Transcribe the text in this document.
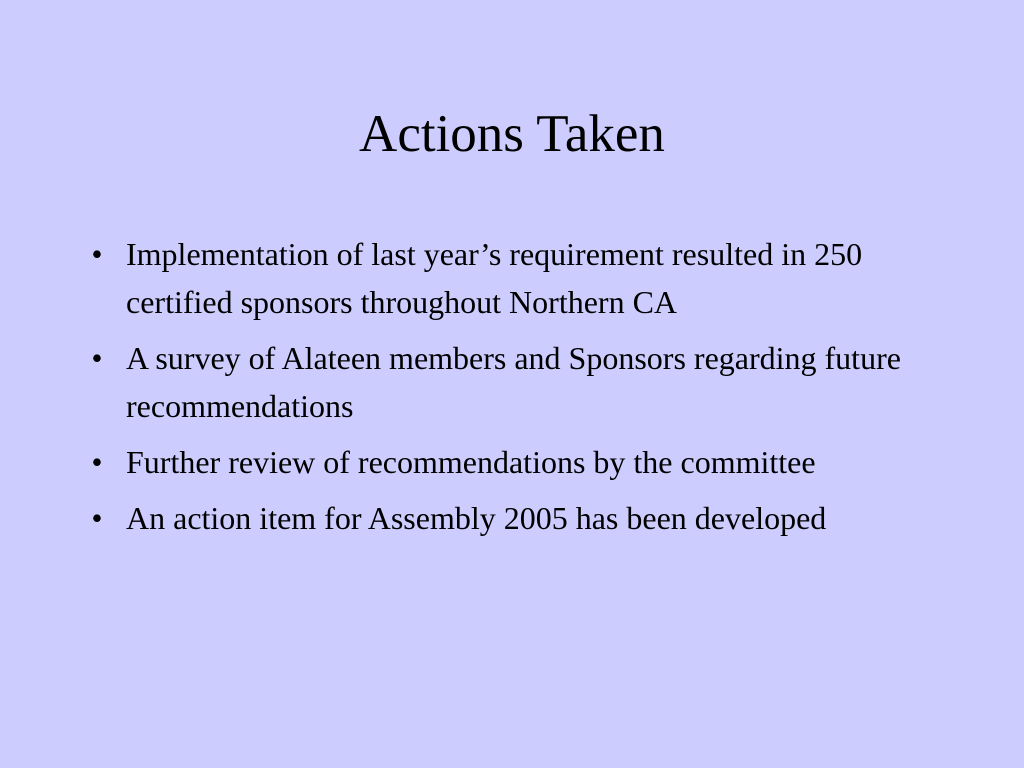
Actions Taken
• Implementation of last year’s requirement resulted in 250 certified sponsors throughout Northern CA
• A survey of Alateen members and Sponsors regarding future recommendations
• Further review of recommendations by the committee
• An action item for Assembly 2005 has been developed
